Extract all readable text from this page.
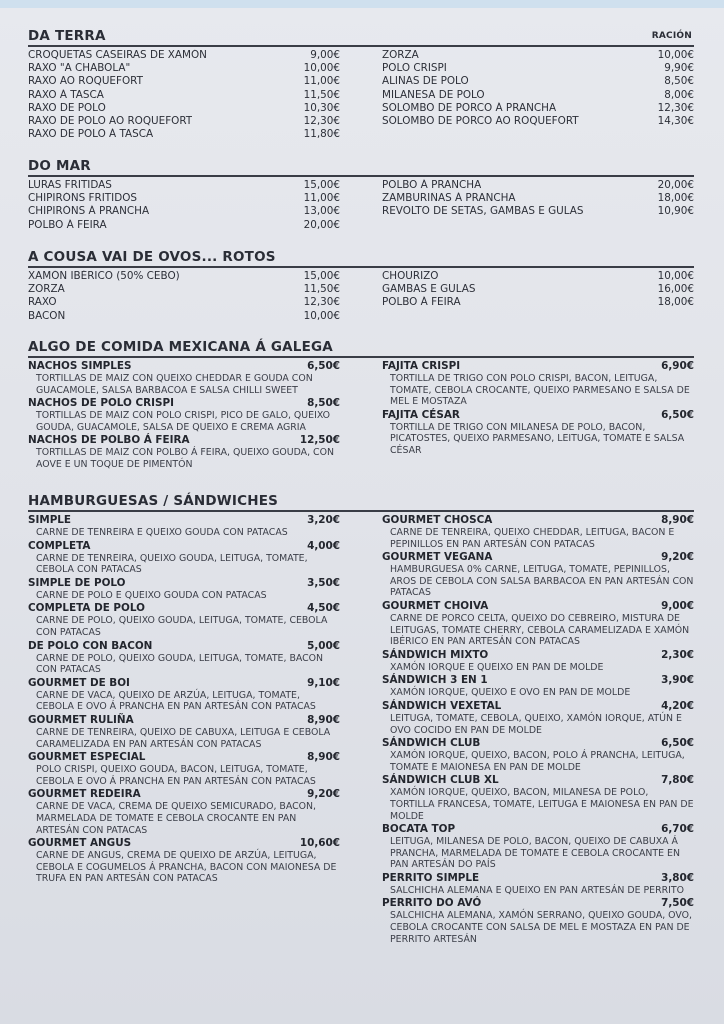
DA TERRA	RACIÓN
CROQUETAS CASEIRAS DE XAMÓN	9,00€
RAXO "A CHABOLA"	10,00€
RAXO AO ROQUEFORT	11,00€
RAXO Á TASCA	11,50€
RAXO DE POLO	10,30€
RAXO DE POLO AO ROQUEFORT	12,30€
RAXO DE POLO Á TASCA	11,80€
ZORZA	10,00€
POLO CRISPI	9,90€
ALIÑAS DE POLO	8,50€
MILANESA DE POLO	8,00€
SOLOMBO DE PORCO Á PRANCHA	12,30€
SOLOMBO DE PORCO AO ROQUEFORT	14,30€
DO MAR
LURAS FRITIDAS	15,00€
CHIPIRÓNS FRITIDOS	11,00€
CHIPIRÓNS Á PRANCHA	13,00€
POLBO Á FEIRA	20,00€
POLBO Á PRANCHA	20,00€
ZAMBURIÑAS Á PRANCHA	18,00€
REVOLTO DE SETAS, GAMBAS E GULAS	10,90€
A COUSA VAI DE OVOS... ROTOS
XAMÓN IBÉRICO (50% CEBO)	15,00€
ZORZA	11,50€
RAXO	12,30€
BACON	10,00€
CHOURIZO	10,00€
GAMBAS E GULAS	16,00€
POLBO Á FEIRA	18,00€
ALGO DE COMIDA MEXICANA Á GALEGA
NACHOS SIMPLES	6,50€
TORTILLAS DE MAIZ CON QUEIXO CHEDDAR E GOUDA CON GUACAMOLE, SALSA BARBACOA E SALSA CHILLI SWEET
NACHOS DE POLO CRISPI	8,50€
TORTILLAS DE MAIZ CON POLO CRISPI, PICO DE GALO, QUEIXO GOUDA, GUACAMOLE, SALSA DE QUEIXO E CREMA AGRIA
NACHOS DE POLBO Á FEIRA	12,50€
TORTILLAS DE MAIZ CON POLBO Á FEIRA, QUEIXO GOUDA, CON AOVE E UN TOQUE DE PIMENTÓN
FAJITA CRISPI	6,90€
TORTILLA DE TRIGO CON POLO CRISPI, BACON, LEITUGA, TOMATE, CEBOLA CROCANTE, QUEIXO PARMESANO E SALSA DE MEL E MOSTAZA
FAJITA CÉSAR	6,50€
TORTILLA DE TRIGO CON MILANESA DE POLO, BACON, PICATOSTES, QUEIXO PARMESANO, LEITUGA, TOMATE E SALSA CÉSAR
HAMBURGUESAS / SÁNDWICHES
SIMPLE	3,20€
CARNE DE TENREIRA E QUEIXO GOUDA CON PATACAS
COMPLETA	4,00€
CARNE DE TENREIRA, QUEIXO GOUDA, LEITUGA, TOMATE, CEBOLA CON PATACAS
SIMPLE DE POLO	3,50€
CARNE DE POLO E QUEIXO GOUDA CON PATACAS
COMPLETA DE POLO	4,50€
CARNE DE POLO, QUEIXO GOUDA, LEITUGA, TOMATE, CEBOLA CON PATACAS
DE POLO CON BACON	5,00€
CARNE DE POLO, QUEIXO GOUDA, LEITUGA, TOMATE, BACON CON PATACAS
GOURMET DE BOI	9,10€
CARNE DE VACA, QUEIXO DE ARZÚA, LEITUGA, TOMATE, CEBOLA E OVO Á PRANCHA EN PAN ARTESÁN CON PATACAS
GOURMET RULIÑA	8,90€
CARNE DE TENREIRA, QUEIXO DE CABUXA, LEITUGA E CEBOLA CARAMELIZADA EN PAN ARTESÁN CON PATACAS
GOURMET ESPECIAL	8,90€
POLO CRISPI, QUEIXO GOUDA, BACON, LEITUGA, TOMATE, CEBOLA E OVO Á PRANCHA EN PAN ARTESÁN CON PATACAS
GOURMET REDEIRA	9,20€
CARNE DE VACA, CREMA DE QUEIXO SEMICURADO, BACON, MARMELADA DE TOMATE E CEBOLA CROCANTE EN PAN ARTESÁN CON PATACAS
GOURMET ANGUS	10,60€
CARNE DE ANGUS, CREMA DE QUEIXO DE ARZÚA, LEITUGA, CEBOLA E COGUMELOS Á PRANCHA, BACON CON MAIONESA DE TRUFA EN PAN ARTESÁN CON PATACAS
GOURMET CHOSCA	8,90€
CARNE DE TENREIRA, QUEIXO CHEDDAR, LEITUGA, BACON E PEPINILLOS EN PAN ARTESÁN CON PATACAS
GOURMET VEGANA	9,20€
HAMBURGUESA 0% CARNE, LEITUGA, TOMATE, PEPINILLOS, AROS DE CEBOLA CON SALSA BARBACOA EN PAN ARTESÁN CON PATACAS
GOURMET CHOIVA	9,00€
CARNE DE PORCO CELTA, QUEIXO DO CEBREIRO, MISTURA DE LEITUGAS, TOMATE CHERRY, CEBOLA CARAMELIZADA E XAMÓN IBÉRICO EN PAN ARTESÁN CON PATACAS
SÁNDWICH MIXTO	2,30€
XAMÓN IORQUE E QUEIXO EN PAN DE MOLDE
SÁNDWICH 3 EN 1	3,90€
XAMÓN IORQUE, QUEIXO E OVO EN PAN DE MOLDE
SÁNDWICH VEXETAL	4,20€
LEITUGA, TOMATE, CEBOLA, QUEIXO, XAMÓN IORQUE, ATÚN E OVO COCIDO EN PAN DE MOLDE
SÁNDWICH CLUB	6,50€
XAMÓN IORQUE, QUEIXO, BACON, POLO Á PRANCHA, LEITUGA, TOMATE E MAIONESA EN PAN DE MOLDE
SÁNDWICH CLUB XL	7,80€
XAMÓN IORQUE, QUEIXO, BACON, MILANESA DE POLO, TORTILLA FRANCESA, TOMATE, LEITUGA E MAIONESA EN PAN DE MOLDE
BOCATA TOP	6,70€
LEITUGA, MILANESA DE POLO, BACON, QUEIXO DE CABUXA Á PRANCHA, MARMELADA DE TOMATE E CEBOLA CROCANTE EN PAN ARTESÁN DO PAÍS
PERRITO SIMPLE	3,80€
SALCHICHA ALEMANA E QUEIXO EN PAN ARTESÁN DE PERRITO
PERRITO DO AVÓ	7,50€
SALCHICHA ALEMANA, XAMÓN SERRANO, QUEIXO GOUDA, OVO, CEBOLA CROCANTE CON SALSA DE MEL E MOSTAZA EN PAN DE PERRITO ARTESÁN
